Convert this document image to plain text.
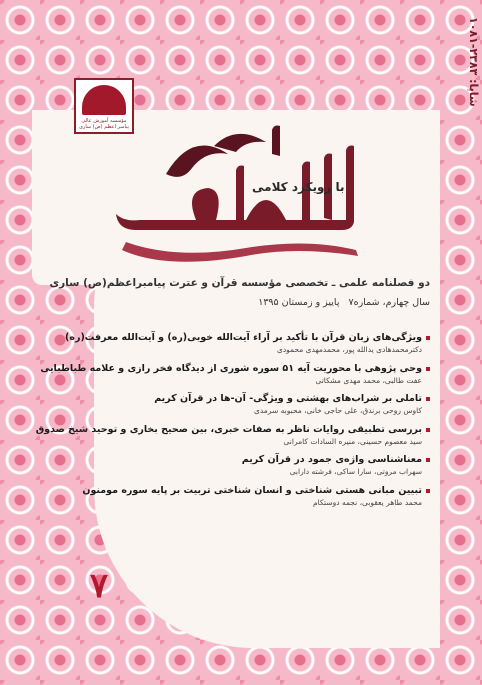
شاپا: ۲۳۸۳-۱۰۸۱
مؤسسه آموزش عالی پیامبر اعظم (ص) ساری
با رویکرد کلامی
دو فصلنامه علمی ـ تخصصی مؤسسه قرآن و عترت پیامبراعظم(ص) ساری
سال چهارم، شماره۷ پاییز و زمستان ۱۳۹۵
ویژگی‌های زبان قرآن با تأکید بر آراء آیت‌الله خویی(ره) و آیت‌الله معرفت(ره)
دکترمحمدهادی یدالله پور، محمدمهدی محمودی
وحی پژوهی با محوریت آیه ۵۱ سوره شوری از دیدگاه فخر رازی و علامه طباطبایی
عفت طالبی، محمد مهدی مشکاتی
تاملی بر شراب‌های بهشتی و ویژگی- آن-ها در قرآن کریم
کاوس روحی برندق، علی حاجی خانی، محبوبه سرمدی
بررسی تطبیقی روایات ناظر به صفات خبری، بین صحیح بخاری و توحید شیخ صدوق
سید معصوم حسینی، منیره السادات کامرانی
معناشناسی واژه‌ی جمود در قرآن کریم
سهراب مروتی، سارا ساکی، فرشته دارابی
تبیین مبانی هستی شناختی و انسان شناختی تربیت بر پایه سوره مومنون
محمد طاهر یعقوبی، نجمه دوستکام
۷
